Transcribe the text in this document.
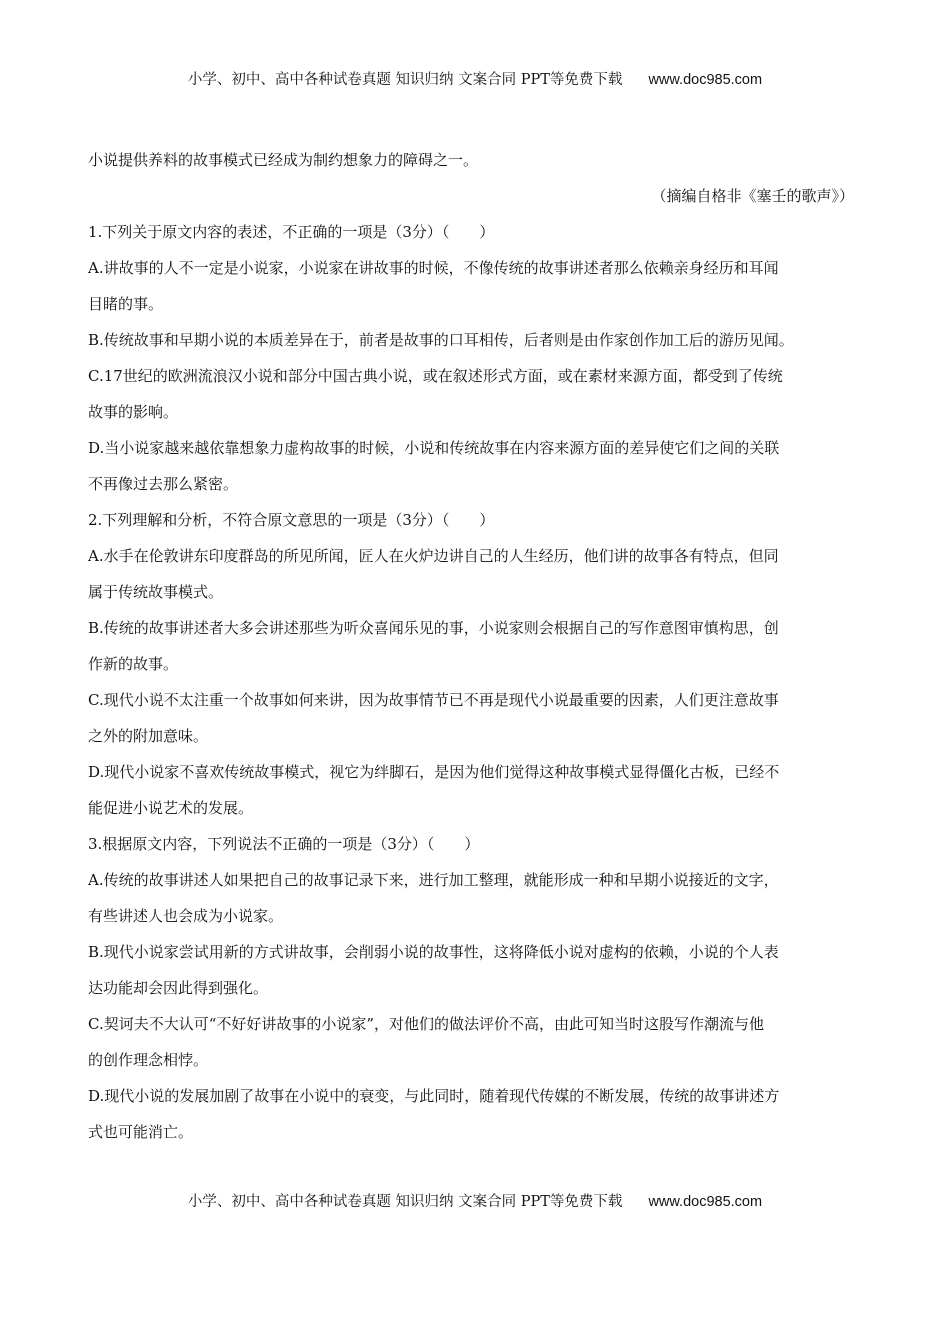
小学、初中、高中各种试卷真题 知识归纳 文案合同 PPT等免费下载 www.doc985.com

小说提供养料的故事模式已经成为制约想象力的障碍之一。

（摘编自格非《塞壬的歌声》）

1.下列关于原文内容的表述，不正确的一项是（3分）（　　）

A.讲故事的人不一定是小说家，小说家在讲故事的时候，不像传统的故事讲述者那么依赖亲身经历和耳闻

目睹的事。

B.传统故事和早期小说的本质差异在于，前者是故事的口耳相传，后者则是由作家创作加工后的游历见闻。

C.17世纪的欧洲流浪汉小说和部分中国古典小说，或在叙述形式方面，或在素材来源方面，都受到了传统

故事的影响。

D.当小说家越来越依靠想象力虚构故事的时候，小说和传统故事在内容来源方面的差异使它们之间的关联

不再像过去那么紧密。

2.下列理解和分析，不符合原文意思的一项是（3分）（　　）

A.水手在伦敦讲东印度群岛的所见所闻，匠人在火炉边讲自己的人生经历，他们讲的故事各有特点，但同

属于传统故事模式。

B.传统的故事讲述者大多会讲述那些为听众喜闻乐见的事，小说家则会根据自己的写作意图审慎构思，创

作新的故事。

C.现代小说不太注重一个故事如何来讲，因为故事情节已不再是现代小说最重要的因素，人们更注意故事

之外的附加意味。

D.现代小说家不喜欢传统故事模式，视它为绊脚石，是因为他们觉得这种故事模式显得僵化古板，已经不

能促进小说艺术的发展。

3.根据原文内容，下列说法不正确的一项是（3分）（　　）

A.传统的故事讲述人如果把自己的故事记录下来，进行加工整理，就能形成一种和早期小说接近的文字，

有些讲述人也会成为小说家。

B.现代小说家尝试用新的方式讲故事，会削弱小说的故事性，这将降低小说对虚构的依赖，小说的个人表

达功能却会因此得到强化。

C.契诃夫不大认可“不好好讲故事的小说家”，对他们的做法评价不高，由此可知当时这股写作潮流与他

的创作理念相悖。

D.现代小说的发展加剧了故事在小说中的衰变，与此同时，随着现代传媒的不断发展，传统的故事讲述方

式也可能消亡。

小学、初中、高中各种试卷真题 知识归纳 文案合同 PPT等免费下载 www.doc985.com
